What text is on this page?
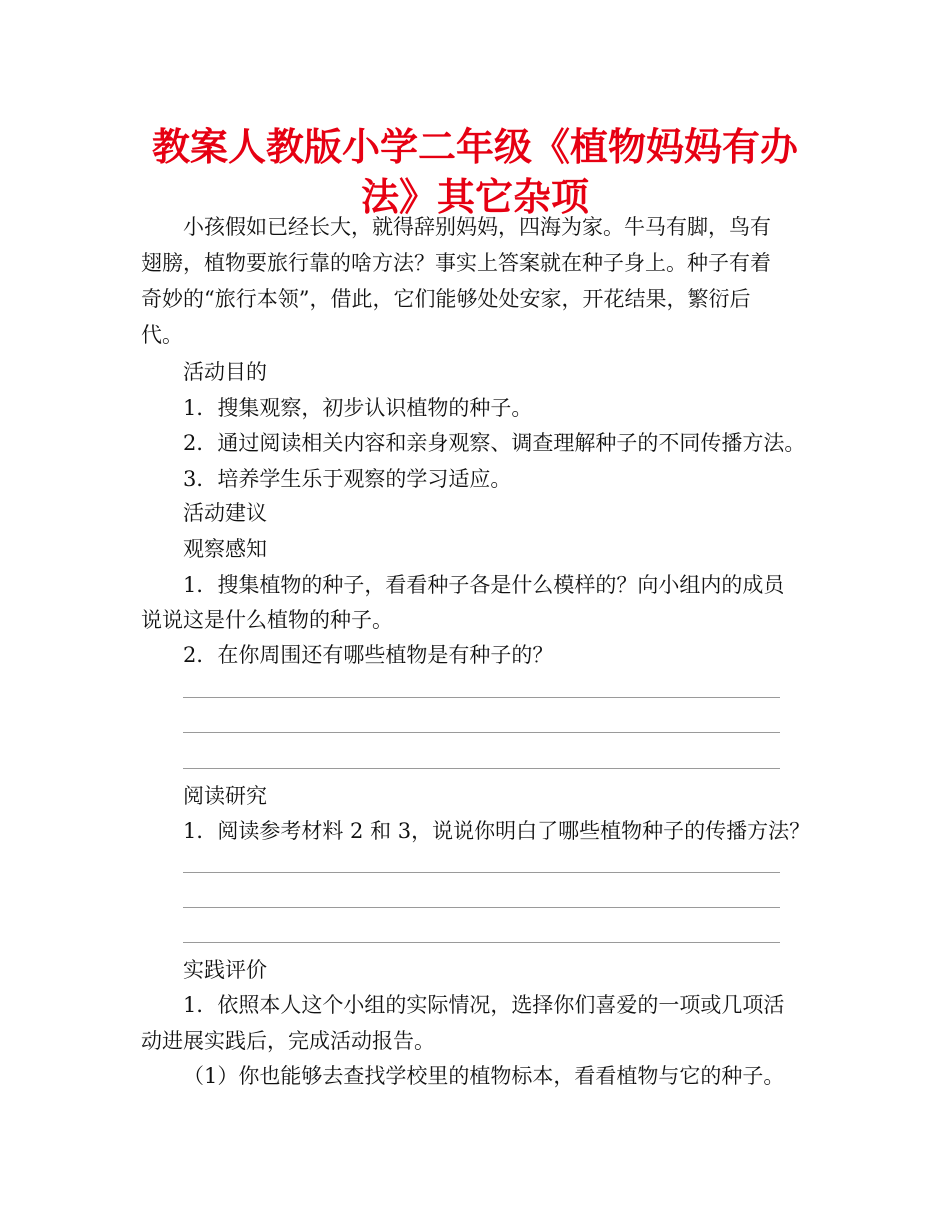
教案人教版小学二年级《植物妈妈有办
法》其它杂项

小孩假如已经长大，就得辞别妈妈，四海为家。牛马有脚，鸟有

翅膀，植物要旅行靠的啥方法？事实上答案就在种子身上。种子有着

奇妙的“旅行本领”，借此，它们能够处处安家，开花结果，繁衍后

代。

活动目的

1．搜集观察，初步认识植物的种子。

2．通过阅读相关内容和亲身观察、调查理解种子的不同传播方法。

3．培养学生乐于观察的学习适应。

活动建议

观察感知

1．搜集植物的种子，看看种子各是什么模样的？向小组内的成员

说说这是什么植物的种子。

2．在你周围还有哪些植物是有种子的？

阅读研究

1．阅读参考材料 2 和 3，说说你明白了哪些植物种子的传播方法？

实践评价

1．依照本人这个小组的实际情况，选择你们喜爱的一项或几项活

动进展实践后，完成活动报告。

（1）你也能够去查找学校里的植物标本，看看植物与它的种子。
